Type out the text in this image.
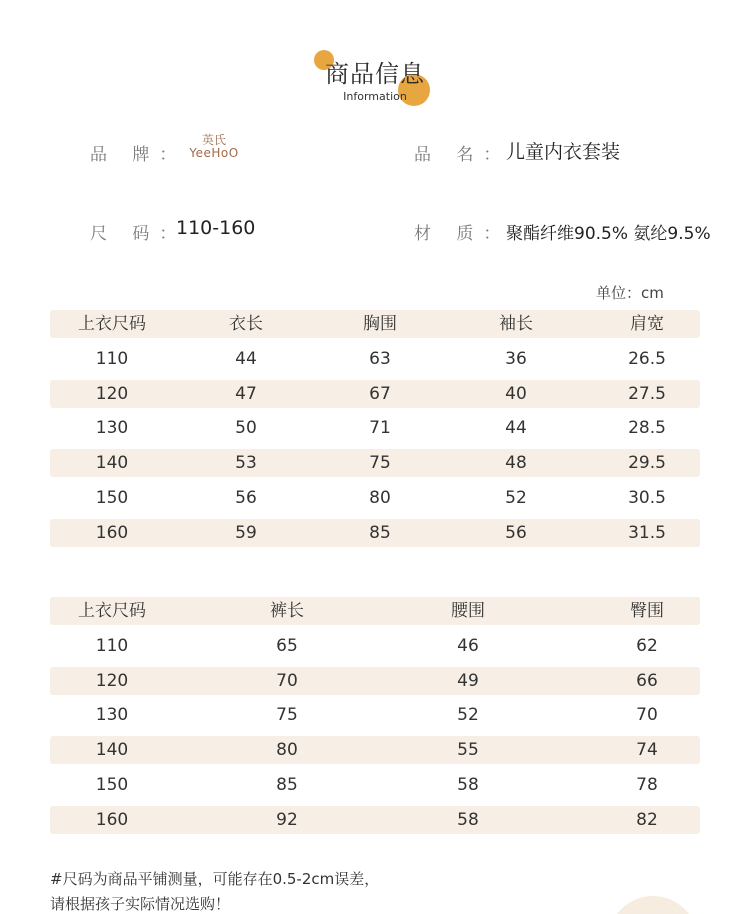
商品信息
Information
品 牌：
英氏
YeeHoO	品 名：
儿童内衣套装
尺 码：
110-160	材 质：
聚酯纤维90.5% 氨纶9.5%
单位：cm
上衣尺码	衣长	胸围	袖长	肩宽
110	44	63	36	26.5
120	47	67	40	27.5
130	50	71	44	28.5
140	53	75	48	29.5
150	56	80	52	30.5
160	59	85	56	31.5
上衣尺码	裤长	腰围	臀围
110	65	46	62
120	70	49	66
130	75	52	70
140	80	55	74
150	85	58	78
160	92	58	82
#尺码为商品平铺测量，可能存在0.5-2cm误差，
请根据孩子实际情况选购！
